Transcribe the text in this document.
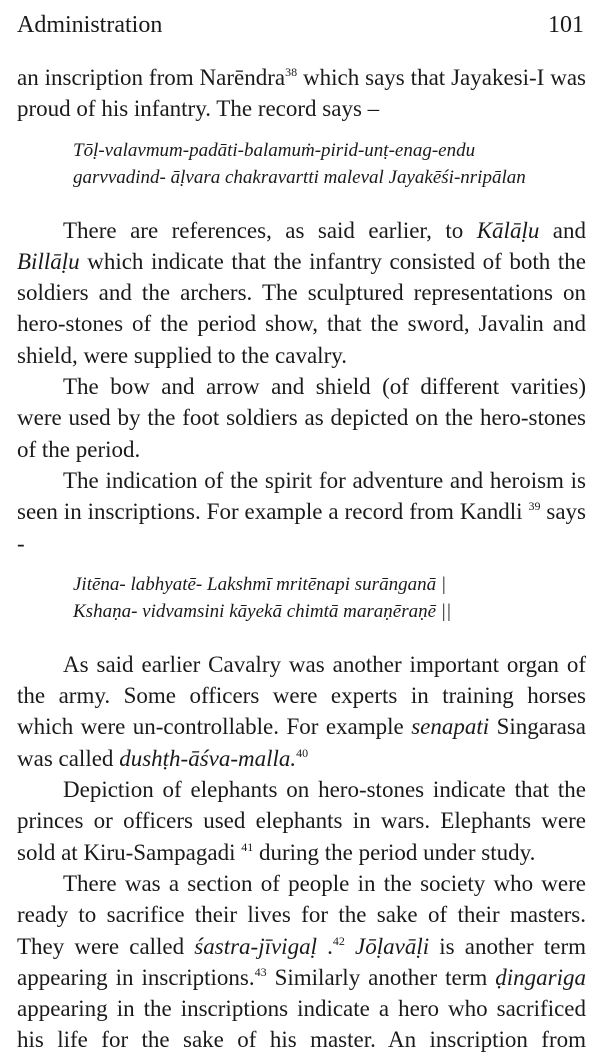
Administration	101

an inscription from Narēndra$^{38}$ which says that Jayakesi-I was proud of his infantry. The record says –

Tōḷ-valavmum-padāti-balamuṁ-pirid-unṭ-enag-endu
garvvadind- āḷvara chakravartti maleval Jayakēśi-nripālan

There are references, as said earlier, to Kālāḷu and Billāḷu which indicate that the infantry consisted of both the soldiers and the archers. The sculptured representations on hero-stones of the period show, that the sword, Javalin and shield, were supplied to the cavalry.

The bow and arrow and shield (of different varities) were used by the foot soldiers as depicted on the hero-stones of the period.

The indication of the spirit for adventure and heroism is seen in inscriptions. For example a record from Kandli $^{39}$ says -

Jitēna- labhyatē- Lakshmī mritēnapi surānganā |
Kshaṇa- vidvamsini kāyekā chimtā maraṇēraṇē ||

As said earlier Cavalry was another important organ of the army. Some officers were experts in training horses which were un-controllable. For example senapati Singarasa was called dushṭh-āśva-malla.$^{40}$

Depiction of elephants on hero-stones indicate that the princes or officers used elephants in wars. Elephants were sold at Kiru-Sampagadi $^{41}$ during the period under study.

There was a section of people in the society who were ready to sacrifice their lives for the sake of their masters. They were called śastra-jīvigaḷ .$^{42}$ Jōḷavāḷi is another term appearing in inscriptions.$^{43}$ Similarly another term ḍingariga appearing in the inscriptions indicate a hero who sacrificed his life for the sake of his master. An inscription from
